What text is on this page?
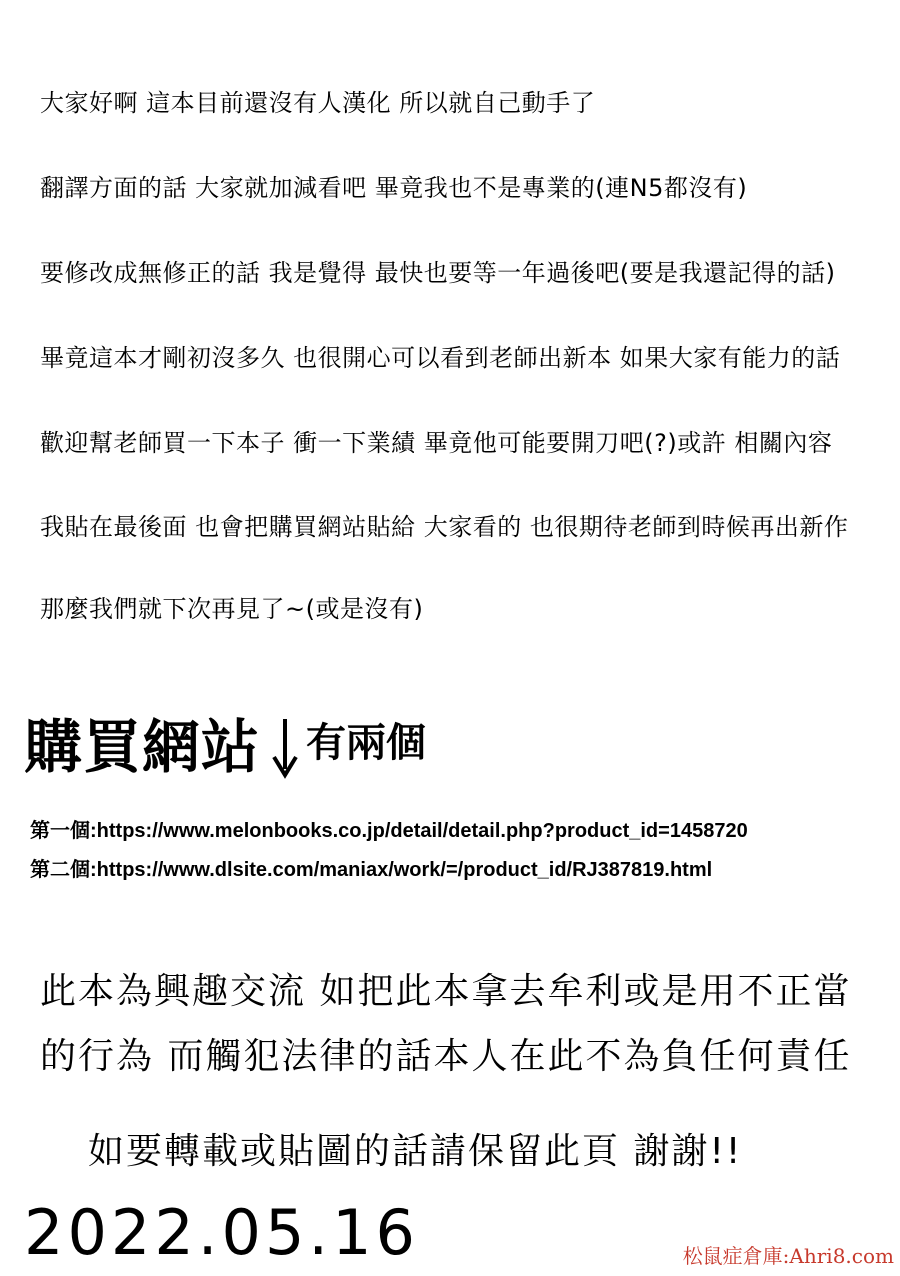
大家好啊 這本目前還沒有人漢化 所以就自己動手了
翻譯方面的話 大家就加減看吧 畢竟我也不是專業的(連N5都沒有)
要修改成無修正的話 我是覺得 最快也要等一年過後吧(要是我還記得的話)
畢竟這本才剛初沒多久 也很開心可以看到老師出新本 如果大家有能力的話
歡迎幫老師買一下本子 衝一下業績 畢竟他可能要開刀吧(?)或許 相關內容
我貼在最後面 也會把購買網站貼給 大家看的 也很期待老師到時候再出新作
那麼我們就下次再見了~(或是沒有)
購買網站 有兩個
第一個:https://www.melonbooks.co.jp/detail/detail.php?product_id=1458720
第二個:https://www.dlsite.com/maniax/work/=/product_id/RJ387819.html
此本為興趣交流 如把此本拿去牟利或是用不正當
的行為 而觸犯法律的話本人在此不為負任何責任
如要轉載或貼圖的話請保留此頁 謝謝!!
2022.05.16	松鼠症倉庫:Ahri8.com
